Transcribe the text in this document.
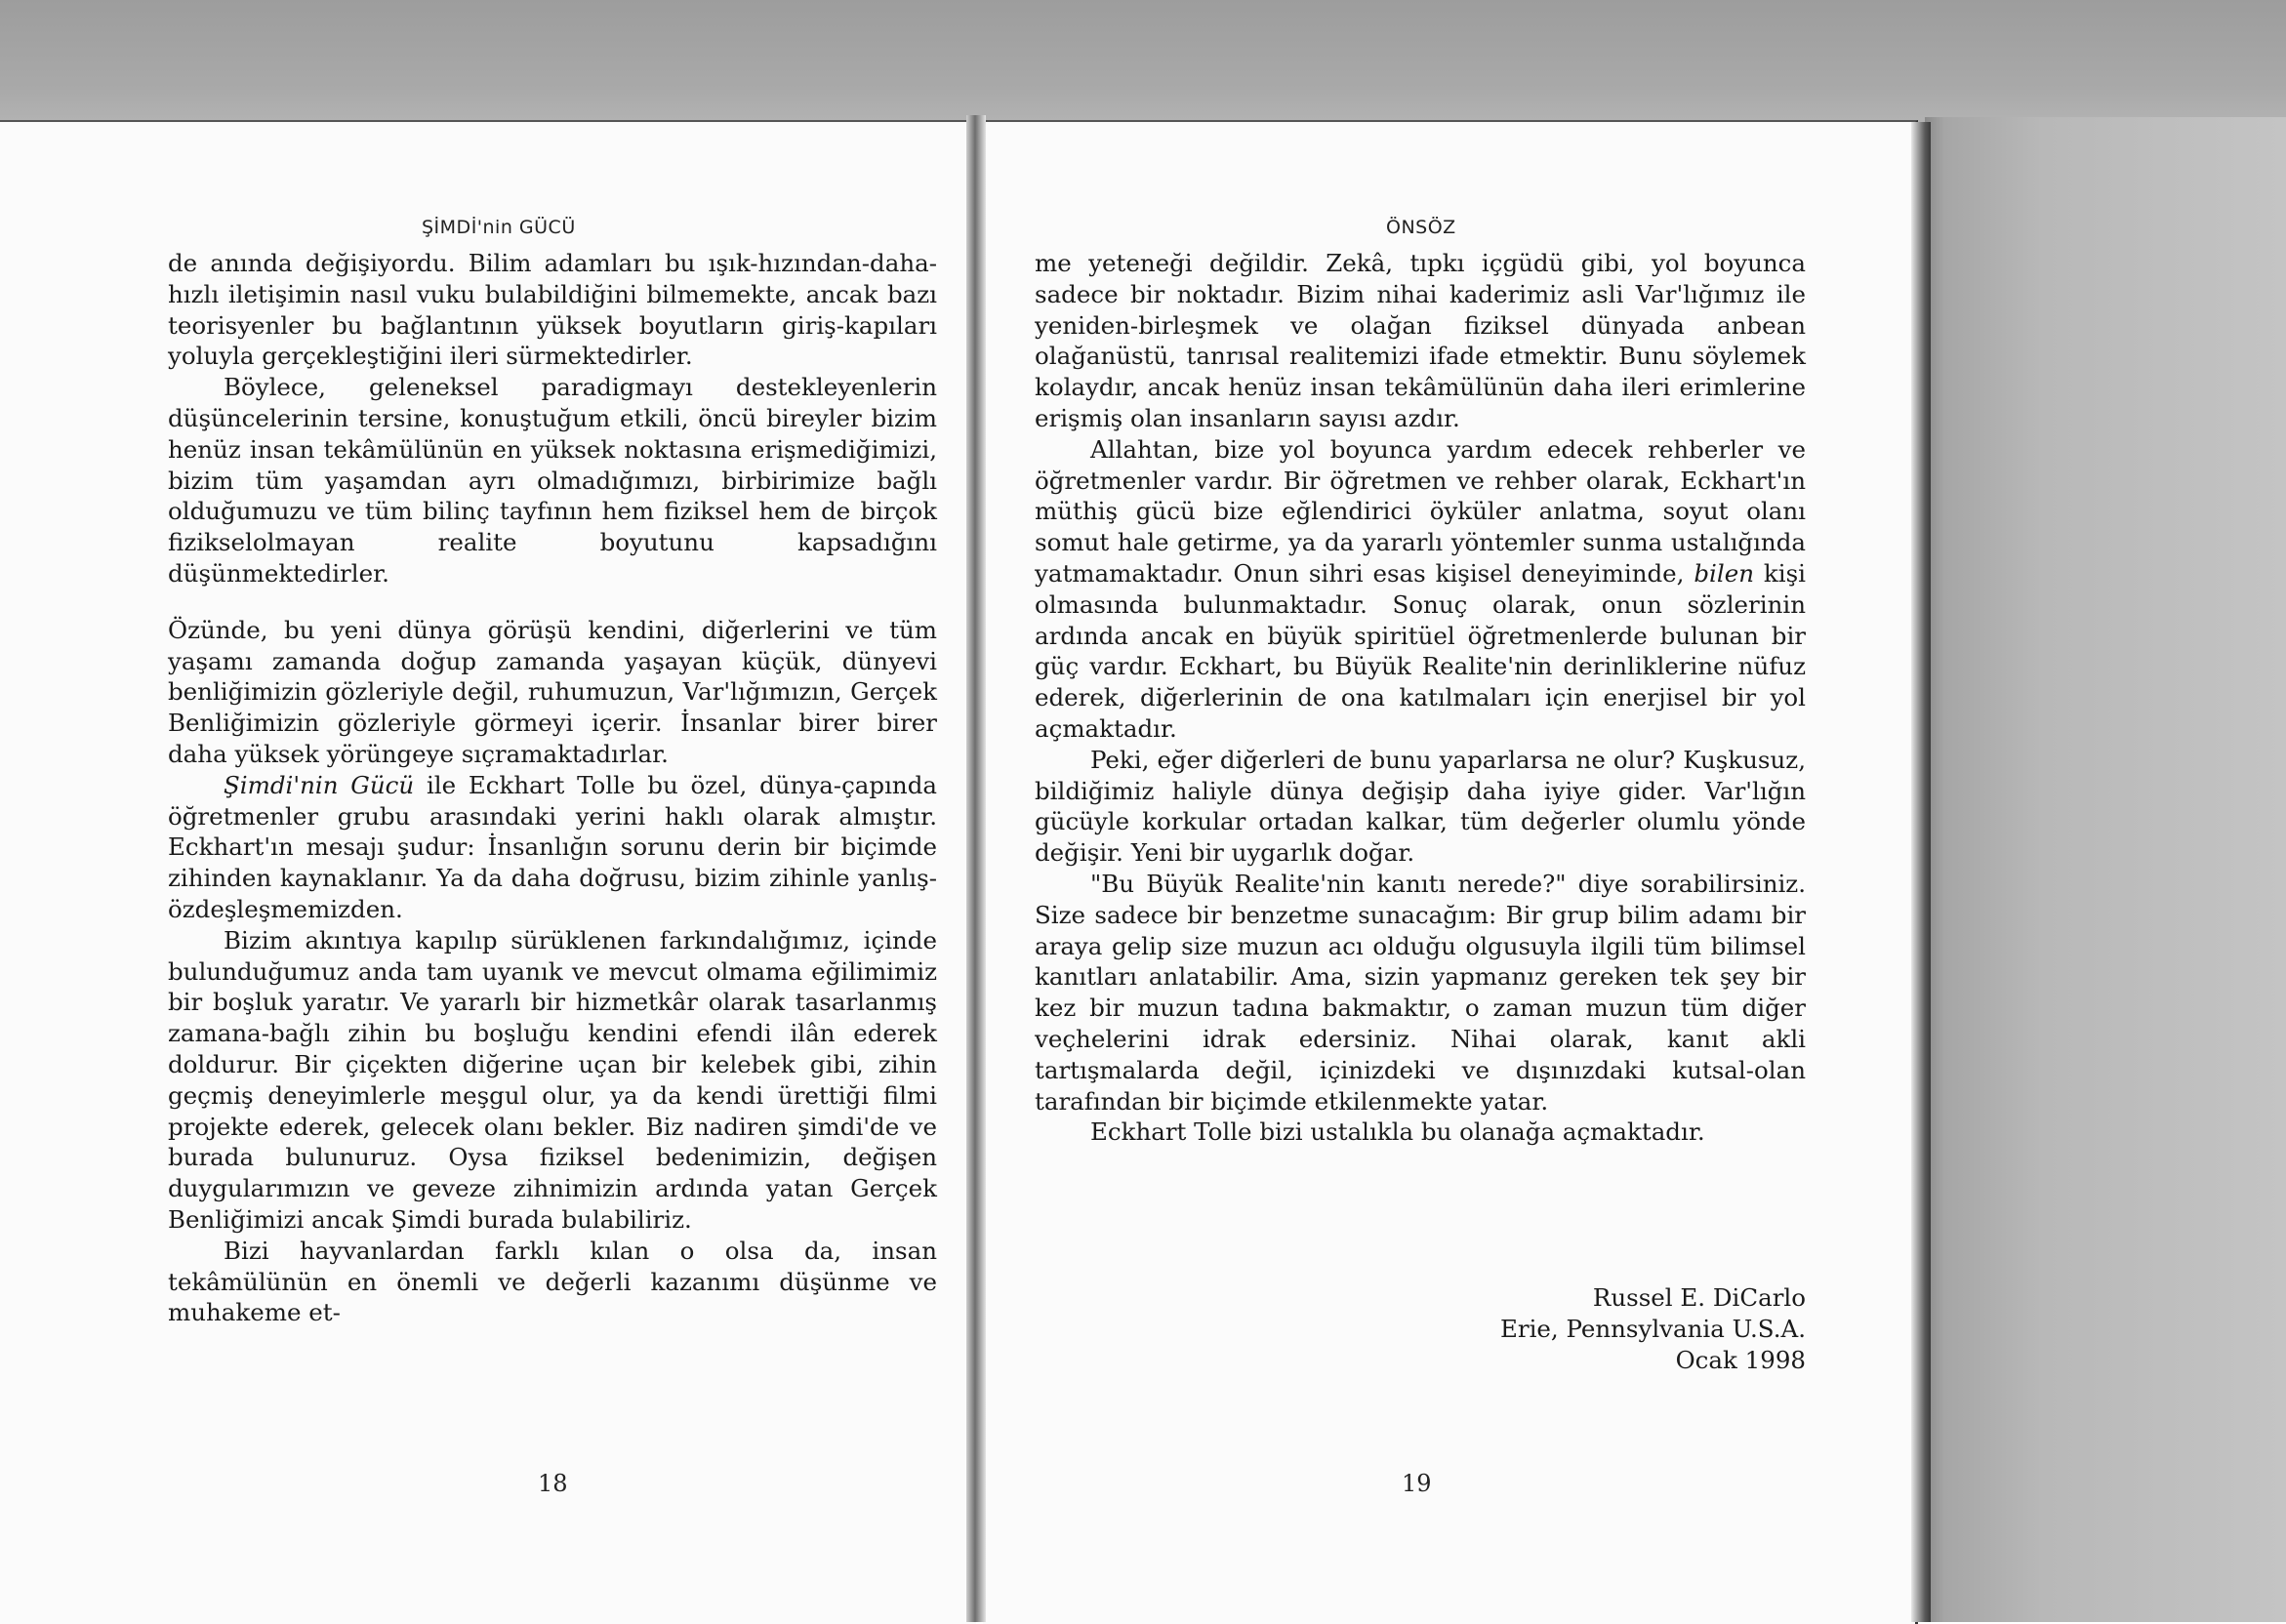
ŞİMDİ'nin GÜCÜ

de anında değişiyordu. Bilim adamları bu ışık-hızından-daha-hızlı iletişimin nasıl vuku bulabildiğini bilmemekte, ancak bazı teorisyenler bu bağlantının yüksek boyutların giriş-kapıları yoluyla gerçekleştiğini ileri sürmektedirler.

Böylece, geleneksel paradigmayı destekleyenlerin düşüncelerinin tersine, konuştuğum etkili, öncü bireyler bizim henüz insan tekâmülünün en yüksek noktasına erişmediğimizi, bizim tüm yaşamdan ayrı olmadığımızı, birbirimize bağlı olduğumuzu ve tüm bilinç tayfının hem fiziksel hem de birçok fizikselolmayan realite boyutunu kapsadığını düşünmektedirler.

Özünde, bu yeni dünya görüşü kendini, diğerlerini ve tüm yaşamı zamanda doğup zamanda yaşayan küçük, dünyevi benliğimizin gözleriyle değil, ruhumuzun, Var'lığımızın, Gerçek Benliğimizin gözleriyle görmeyi içerir. İnsanlar birer birer daha yüksek yörüngeye sıçramaktadırlar.

Şimdi'nin Gücü ile Eckhart Tolle bu özel, dünya-çapında öğretmenler grubu arasındaki yerini haklı olarak almıştır. Eckhart'ın mesajı şudur: İnsanlığın sorunu derin bir biçimde zihinden kaynaklanır. Ya da daha doğrusu, bizim zihinle yanlış-özdeşleşmemizden.

Bizim akıntıya kapılıp sürüklenen farkındalığımız, içinde bulunduğumuz anda tam uyanık ve mevcut olmama eğilimimiz bir boşluk yaratır. Ve yararlı bir hizmetkâr olarak tasarlanmış zamana-bağlı zihin bu boşluğu kendini efendi ilân ederek doldurur. Bir çiçekten diğerine uçan bir kelebek gibi, zihin geçmiş deneyimlerle meşgul olur, ya da kendi ürettiği filmi projekte ederek, gelecek olanı bekler. Biz nadiren şimdi'de ve burada bulunuruz. Oysa fiziksel bedenimizin, değişen duygularımızın ve geveze zihnimizin ardında yatan Gerçek Benliğimizi ancak Şimdi burada bulabiliriz.

Bizi hayvanlardan farklı kılan o olsa da, insan tekâmülünün en önemli ve değerli kazanımı düşünme ve muhakeme et-

18
ÖNSÖZ

me yeteneği değildir. Zekâ, tıpkı içgüdü gibi, yol boyunca sadece bir noktadır. Bizim nihai kaderimiz asli Var'lığımız ile yeniden-birleşmek ve olağan fiziksel dünyada anbean olağanüstü, tanrısal realitemizi ifade etmektir. Bunu söylemek kolaydır, ancak henüz insan tekâmülünün daha ileri erimlerine erişmiş olan insanların sayısı azdır.

Allahtan, bize yol boyunca yardım edecek rehberler ve öğretmenler vardır. Bir öğretmen ve rehber olarak, Eckhart'ın müthiş gücü bize eğlendirici öyküler anlatma, soyut olanı somut hale getirme, ya da yararlı yöntemler sunma ustalığında yatmamaktadır. Onun sihri esas kişisel deneyiminde, bilen kişi olmasında bulunmaktadır. Sonuç olarak, onun sözlerinin ardında ancak en büyük spiritüel öğretmenlerde bulunan bir güç vardır. Eckhart, bu Büyük Realite'nin derinliklerine nüfuz ederek, diğerlerinin de ona katılmaları için enerjisel bir yol açmaktadır.

Peki, eğer diğerleri de bunu yaparlarsa ne olur? Kuşkusuz, bildiğimiz haliyle dünya değişip daha iyiye gider. Var'lığın gücüyle korkular ortadan kalkar, tüm değerler olumlu yönde değişir. Yeni bir uygarlık doğar.

"Bu Büyük Realite'nin kanıtı nerede?" diye sorabilirsiniz. Size sadece bir benzetme sunacağım: Bir grup bilim adamı bir araya gelip size muzun acı olduğu olgusuyla ilgili tüm bilimsel kanıtları anlatabilir. Ama, sizin yapmanız gereken tek şey bir kez bir muzun tadına bakmaktır, o zaman muzun tüm diğer veçhelerini idrak edersiniz. Nihai olarak, kanıt akli tartışmalarda değil, içinizdeki ve dışınızdaki kutsal-olan tarafından bir biçimde etkilenmekte yatar.

Eckhart Tolle bizi ustalıkla bu olanağa açmaktadır.

Russel E. DiCarlo
Erie, Pennsylvania U.S.A.
Ocak 1998
19
